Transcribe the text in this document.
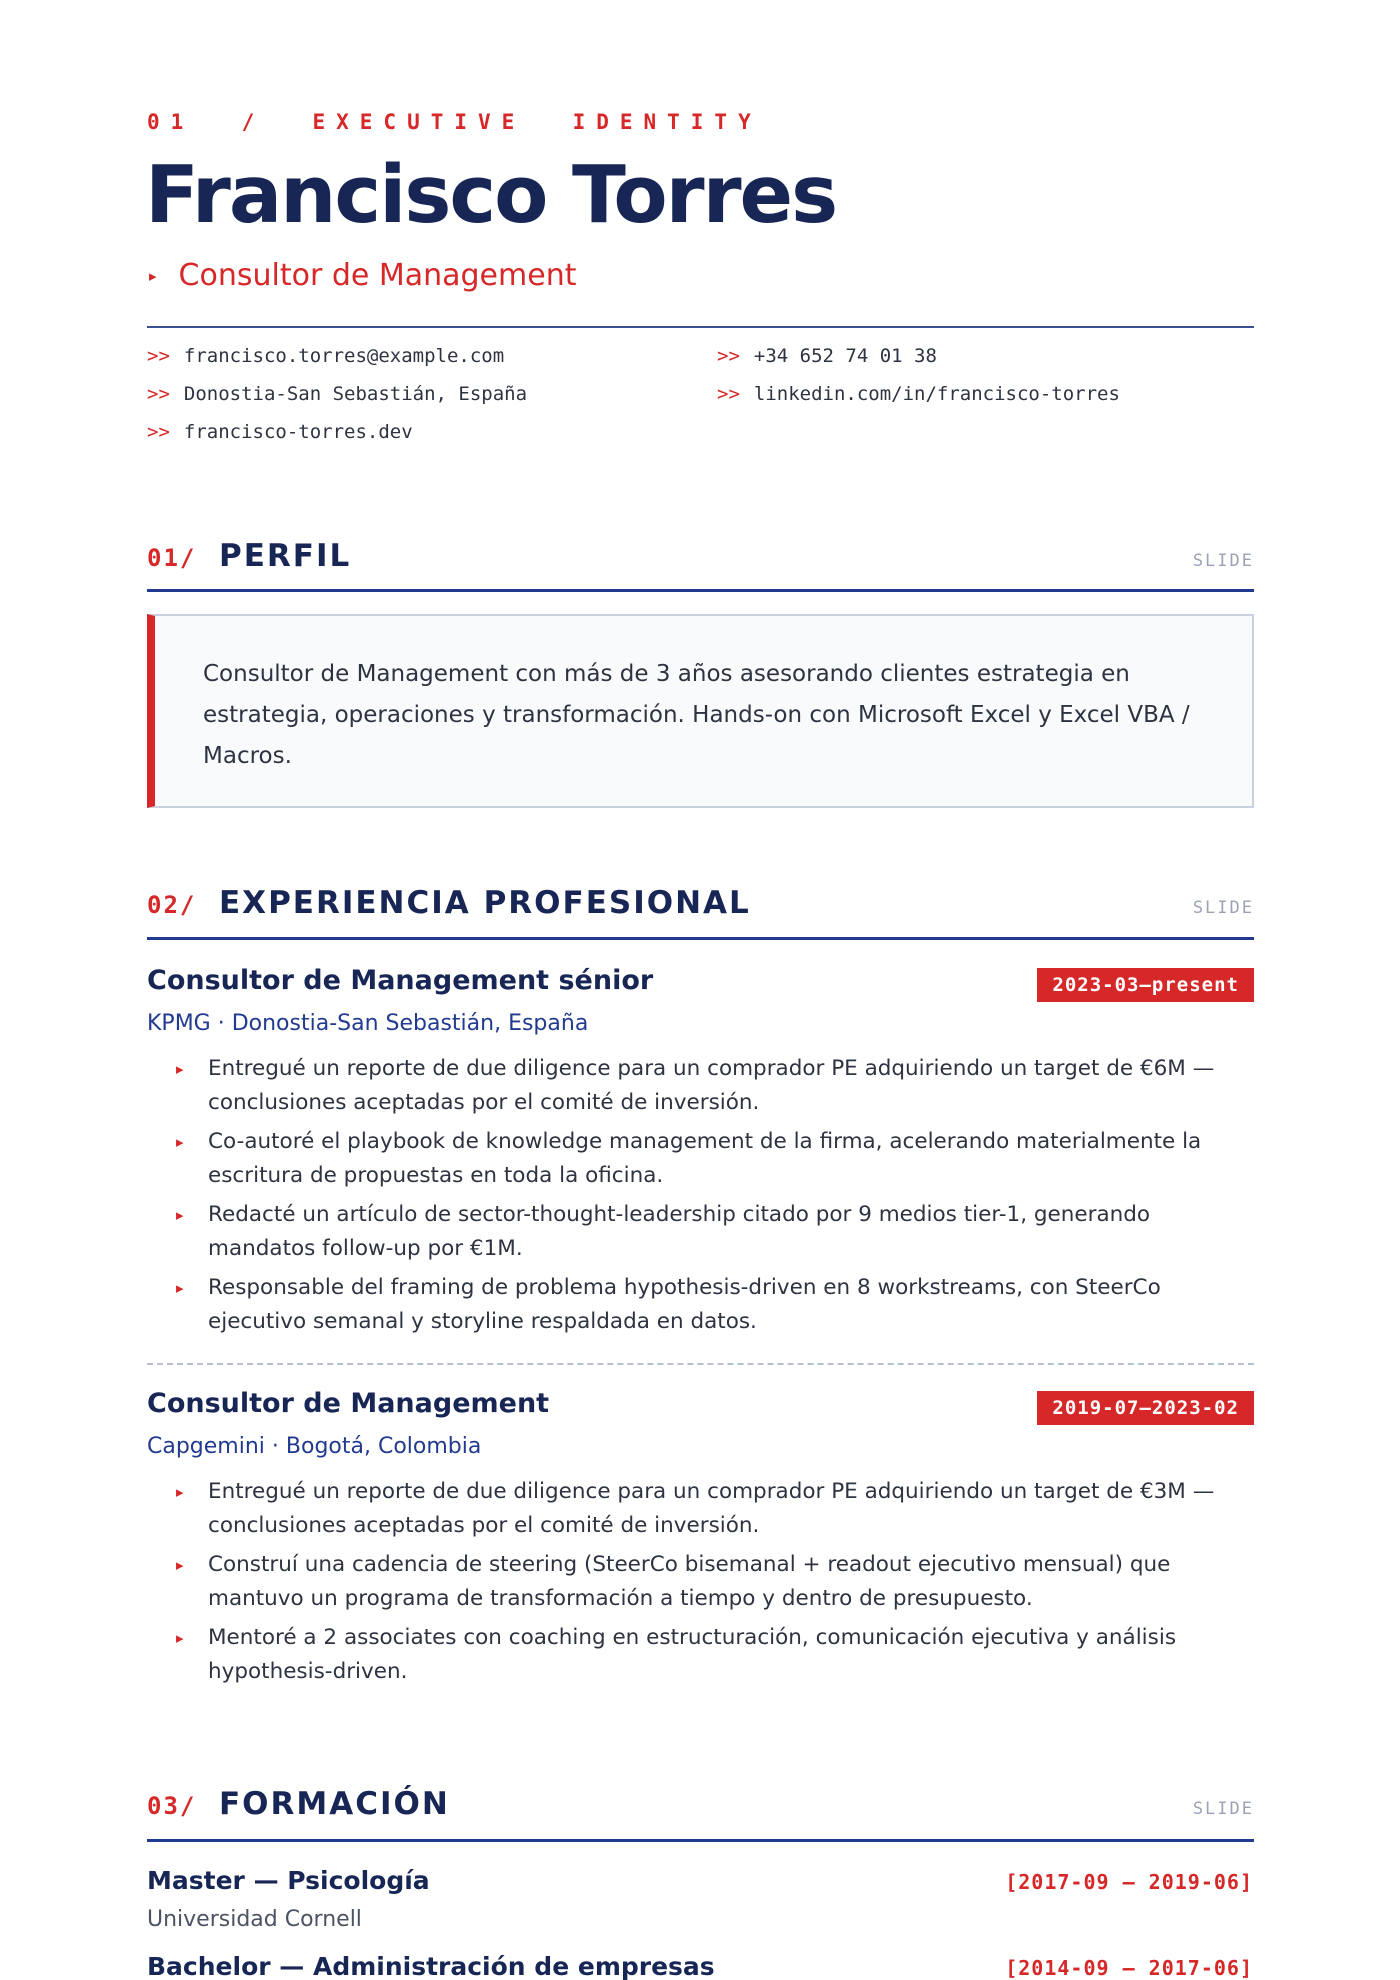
01  /  EXECUTIVE  IDENTITY
Francisco Torres
▸ Consultor de Management
>> francisco.torres@example.com	>> +34 652 74 01 38
>> Donostia-San Sebastián, España	>> linkedin.com/in/francisco-torres
>> francisco-torres.dev
01/ PERFIL	SLIDE
Consultor de Management con más de 3 años asesorando clientes estrategia en estrategia, operaciones y transformación. Hands-on con Microsoft Excel y Excel VBA / Macros.
02/ EXPERIENCIA PROFESIONAL	SLIDE
Consultor de Management sénior	2023-03—present
KPMG · Donostia-San Sebastián, España
▸ Entregué un reporte de due diligence para un comprador PE adquiriendo un target de €6M — conclusiones aceptadas por el comité de inversión.
▸ Co-autoré el playbook de knowledge management de la firma, acelerando materialmente la escritura de propuestas en toda la oficina.
▸ Redacté un artículo de sector-thought-leadership citado por 9 medios tier-1, generando mandatos follow-up por €1M.
▸ Responsable del framing de problema hypothesis-driven en 8 workstreams, con SteerCo ejecutivo semanal y storyline respaldada en datos.
Consultor de Management	2019-07—2023-02
Capgemini · Bogotá, Colombia
▸ Entregué un reporte de due diligence para un comprador PE adquiriendo un target de €3M — conclusiones aceptadas por el comité de inversión.
▸ Construí una cadencia de steering (SteerCo bisemanal + readout ejecutivo mensual) que mantuvo un programa de transformación a tiempo y dentro de presupuesto.
▸ Mentoré a 2 associates con coaching en estructuración, comunicación ejecutiva y análisis hypothesis-driven.
03/ FORMACIÓN	SLIDE
Master — Psicología	[2017-09 – 2019-06]
Universidad Cornell
Bachelor — Administración de empresas	[2014-09 – 2017-06]
